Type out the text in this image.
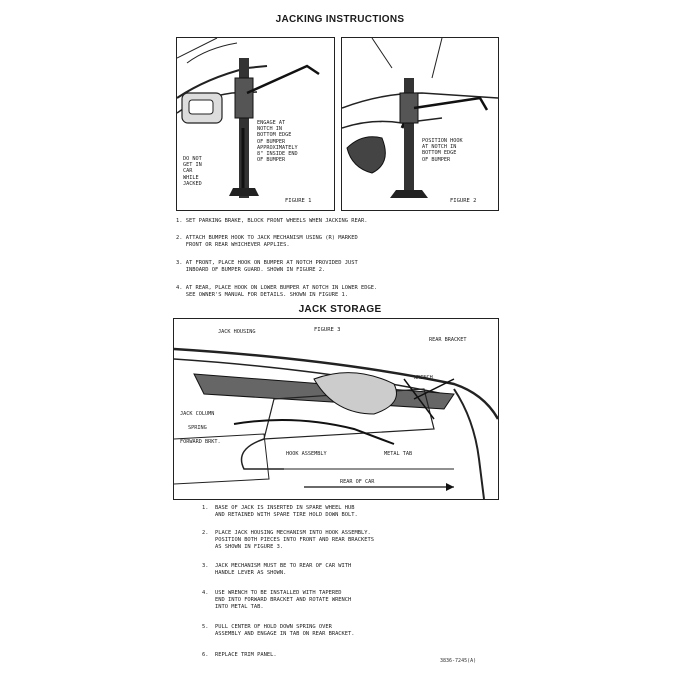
JACKING INSTRUCTIONS
ENGAGE AT
NOTCH IN
BOTTOM EDGE
OF BUMPER
APPROXIMATELY
8" INSIDE END
OF BUMPER
DO NOT
GET IN
CAR
WHILE
JACKED
FIGURE 1
POSITION HOOK
AT NOTCH IN
BOTTOM EDGE
OF BUMPER
FIGURE 2
1. SET PARKING BRAKE, BLOCK FRONT WHEELS WHEN JACKING REAR.
2. ATTACH BUMPER HOOK TO JACK MECHANISM USING (R) MARKED
FRONT OR REAR WHICHEVER APPLIES.
3. AT FRONT, PLACE HOOK ON BUMPER AT NOTCH PROVIDED JUST
INBOARD OF BUMPER GUARD. SHOWN IN FIGURE 2.
4. AT REAR, PLACE HOOK ON LOWER BUMPER AT NOTCH IN LOWER EDGE.
SEE OWNER'S MANUAL FOR DETAILS. SHOWN IN FIGURE 1.
JACK STORAGE
FIGURE 3
JACK HOUSING
REAR BRACKET
WRENCH
JACK COLUMN
SPRING
FORWARD BRKT.
HOOK ASSEMBLY	METAL TAB
REAR OF CAR
1.  BASE OF JACK IS INSERTED IN SPARE WHEEL HUB
AND RETAINED WITH SPARE TIRE HOLD DOWN BOLT.
2.  PLACE JACK HOUSING MECHANISM INTO HOOK ASSEMBLY.
POSITION BOTH PIECES INTO FRONT AND REAR BRACKETS
AS SHOWN IN FIGURE 3.
3.  JACK MECHANISM MUST BE TO REAR OF CAR WITH
HANDLE LEVER AS SHOWN.
4.  USE WRENCH TO BE INSTALLED WITH TAPERED
END INTO FORWARD BRACKET AND ROTATE WRENCH
INTO METAL TAB.
5.  PULL CENTER OF HOLD DOWN SPRING OVER
ASSEMBLY AND ENGAGE IN TAB ON REAR BRACKET.
6.  REPLACE TRIM PANEL.
3836-7245(A)
